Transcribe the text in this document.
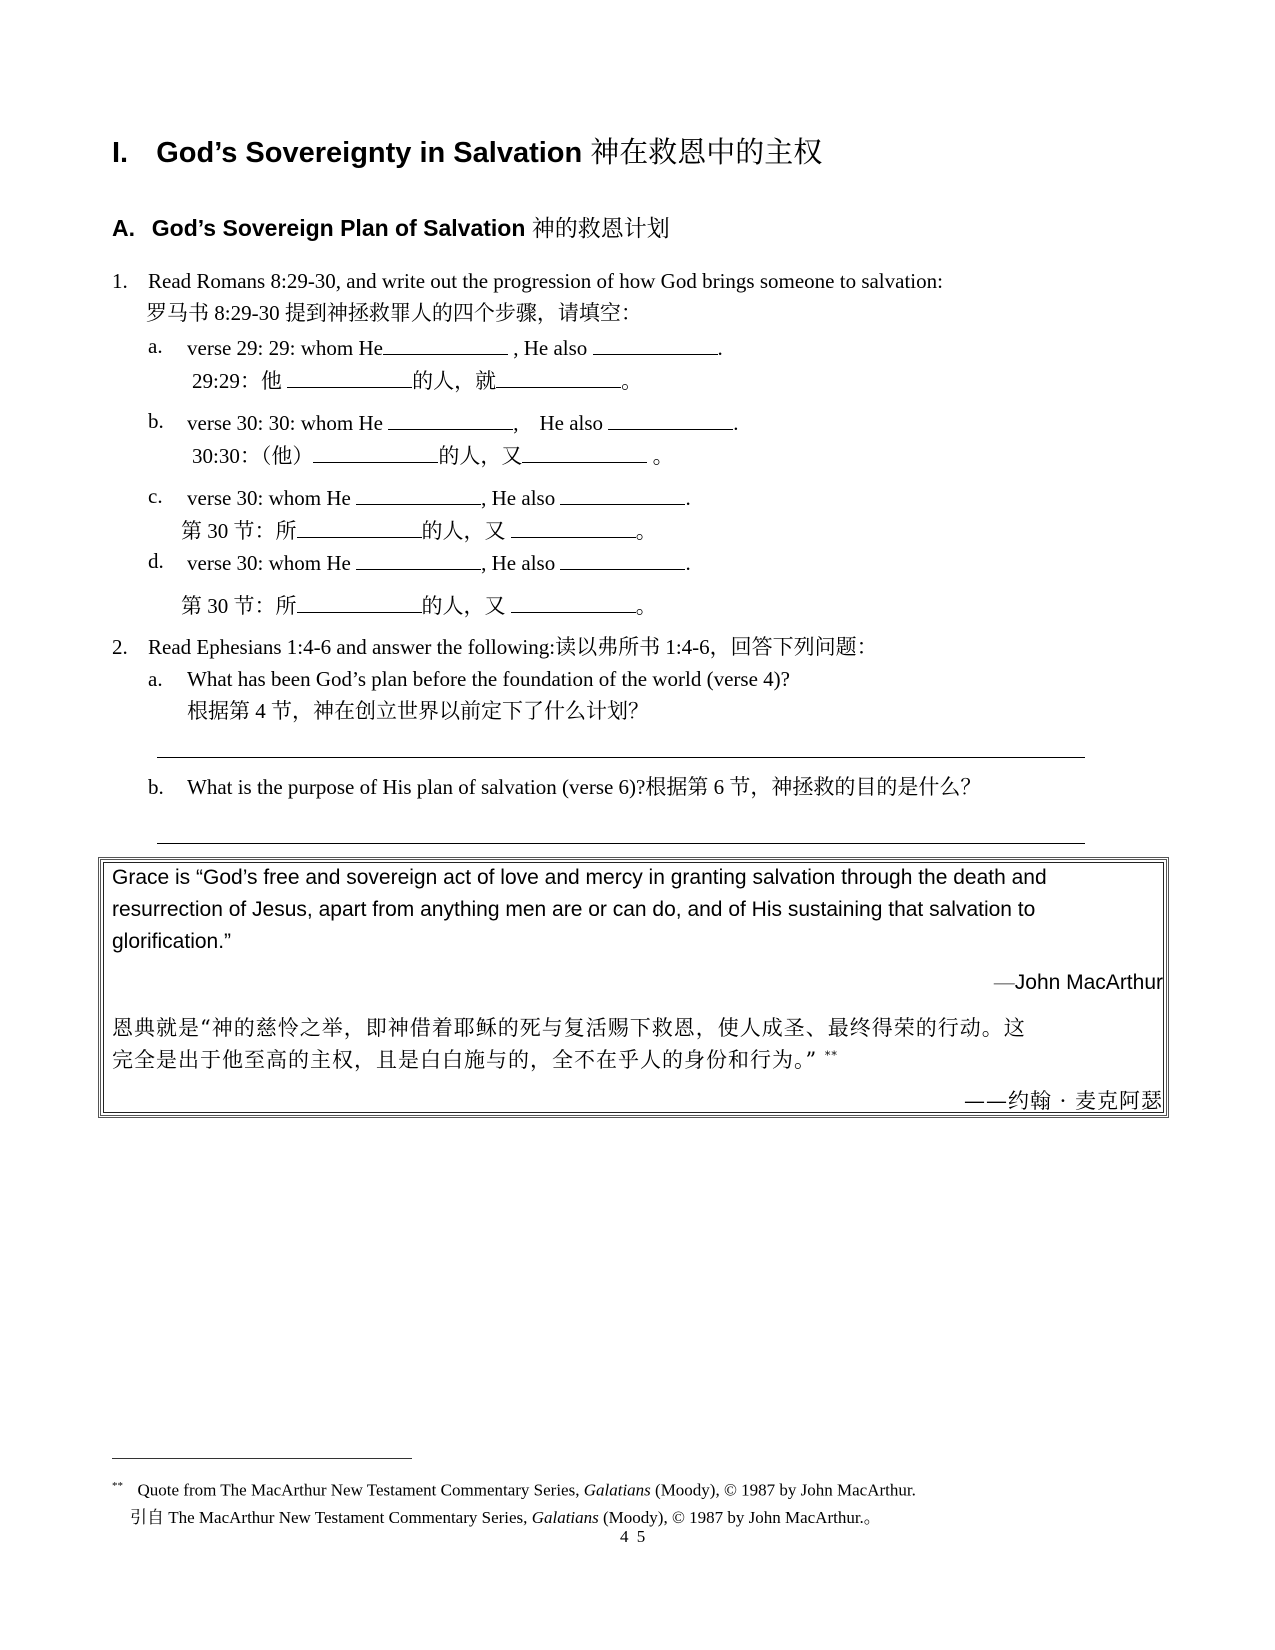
I. God’s Sovereignty in Salvation 神在救恩中的主权
A. God’s Sovereign Plan of Salvation 神的救恩计划
1. Read Romans 8:29-30, and write out the progression of how God brings someone to salvation:
罗马书 8:29-30 提到神拯救罪人的四个步骤，请填空：
a. verse 29: 29: whom He	, He also	.
29:29：他	的人，就	。
b. verse 30: 30: whom He	,    He also	.
30:30：（他）	的人，又	。
c. verse 30: whom He	, He also	.
第 30 节：所	的人，又	。
d. verse 30: whom He	, He also	.
第 30 节：所	的人，又	。
2. Read Ephesians 1:4-6 and answer the following:读以弗所书 1:4-6，回答下列问题：
a. What has been God’s plan before the foundation of the world (verse 4)?
根据第 4 节，神在创立世界以前定下了什么计划？
b. What is the purpose of His plan of salvation (verse 6)?根据第 6 节，神拯救的目的是什么？
Grace is “God’s free and sovereign act of love and mercy in granting salvation through the death and
resurrection of Jesus, apart from anything men are or can do, and of His sustaining that salvation to
glorification.”
—John MacArthur
恩典就是“神的慈怜之举，即神借着耶稣的死与复活赐下救恩，使人成圣、最终得荣的行动。这
完全是出于他至高的主权，且是白白施与的，全不在乎人的身份和行为。” **
——约翰 · 麦克阿瑟
** Quote from The MacArthur New Testament Commentary Series, Galatians (Moody), © 1987 by John MacArthur.
引自 The MacArthur New Testament Commentary Series, Galatians (Moody), © 1987 by John MacArthur.。
4 5
